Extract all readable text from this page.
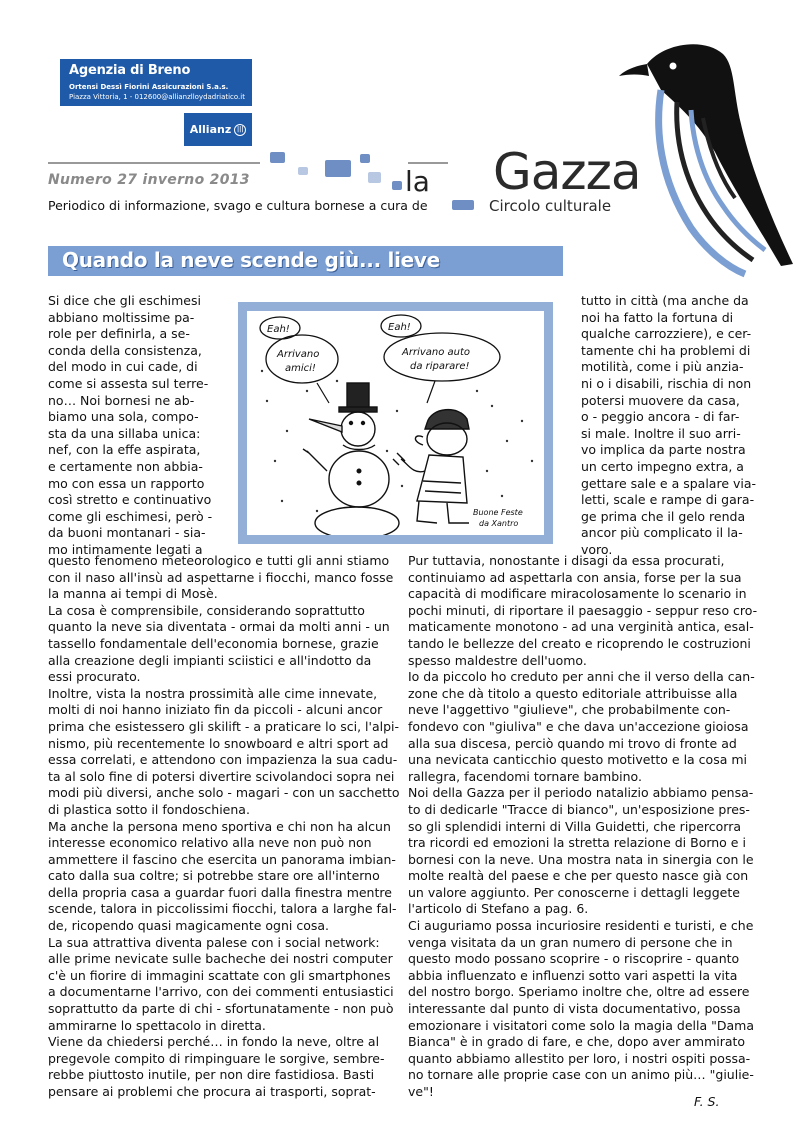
Agenzia di Breno
Ortensi Dessì Fiorini Assicurazioni S.a.s.
Piazza Vittoria, 1 - 012600@allianzlloydadriatico.it
Allianz |||
Numero 27 inverno 2013
Periodico di informazione, svago e cultura bornese a cura de
la Gazza
Circolo culturale
Quando la neve scende giù... lieve
Eah!
Arrivano
amici!
Eah!
Arrivano auto
da riparare!
Buone Feste
da Xantro
Si dice che gli eschimesi
abbiano moltissime pa-
role per definirla, a se-
conda della consistenza,
del modo in cui cade, di
come si assesta sul terre-
no… Noi bornesi ne ab-
biamo una sola, compo-
sta da una sillaba unica:
nef, con la effe aspirata,
e certamente non abbia-
mo con essa un rapporto
così stretto e continuativo
come gli eschimesi, però -
da buoni montanari - sia-
mo intimamente legati a
tutto in città (ma anche da
noi ha fatto la fortuna di
qualche carrozziere), e cer-
tamente chi ha problemi di
motilità, come i più anzia-
ni o i disabili, rischia di non
potersi muovere da casa,
o - peggio ancora - di far-
si male. Inoltre il suo arri-
vo implica da parte nostra
un certo impegno extra, a
gettare sale e a spalare via-
letti, scale e rampe di gara-
ge prima che il gelo renda
ancor più complicato il la-
voro.
questo fenomeno meteorologico e tutti gli anni stiamo
con il naso all'insù ad aspettarne i fiocchi, manco fosse
la manna ai tempi di Mosè.
La cosa è comprensibile, considerando soprattutto
quanto la neve sia diventata - ormai da molti anni - un
tassello fondamentale dell'economia bornese, grazie
alla creazione degli impianti sciistici e all'indotto da
essi procurato.
Inoltre, vista la nostra prossimità alle cime innevate,
molti di noi hanno iniziato fin da piccoli - alcuni ancor
prima che esistessero gli skilift - a praticare lo sci, l'alpi-
nismo, più recentemente lo snowboard e altri sport ad
essa correlati, e attendono con impazienza la sua cadu-
ta al solo fine di potersi divertire scivolandoci sopra nei
modi più diversi, anche solo - magari - con un sacchetto
di plastica sotto il fondoschiena.
Ma anche la persona meno sportiva e chi non ha alcun
interesse economico relativo alla neve non può non
ammettere il fascino che esercita un panorama imbian-
cato dalla sua coltre; si potrebbe stare ore all'interno
della propria casa a guardar fuori dalla finestra mentre
scende, talora in piccolissimi fiocchi, talora a larghe fal-
de, ricopendo quasi magicamente ogni cosa.
La sua attrattiva diventa palese con i social network:
alle prime nevicate sulle bacheche dei nostri computer
c'è un fiorire di immagini scattate con gli smartphones
a documentarne l'arrivo, con dei commenti entusiastici
soprattutto da parte di chi - sfortunatamente - non può
ammirarne lo spettacolo in diretta.
Viene da chiedersi perché… in fondo la neve, oltre al
pregevole compito di rimpinguare le sorgive, sembre-
rebbe piuttosto inutile, per non dire fastidiosa. Basti
pensare ai problemi che procura ai trasporti, soprat-
Pur tuttavia, nonostante i disagi da essa procurati,
continuiamo ad aspettarla con ansia, forse per la sua
capacità di modificare miracolosamente lo scenario in
pochi minuti, di riportare il paesaggio - seppur reso cro-
maticamente monotono - ad una verginità antica, esal-
tando le bellezze del creato e ricoprendo le costruzioni
spesso maldestre dell'uomo.
Io da piccolo ho creduto per anni che il verso della can-
zone che dà titolo a questo editoriale attribuisse alla
neve l'aggettivo "giulieve", che probabilmente con-
fondevo con "giuliva" e che dava un'accezione gioiosa
alla sua discesa, perciò quando mi trovo di fronte ad
una nevicata canticchio questo motivetto e la cosa mi
rallegra, facendomi tornare bambino.
Noi della Gazza per il periodo natalizio abbiamo pensa-
to di dedicarle "Tracce di bianco", un'esposizione pres-
so gli splendidi interni di Villa Guidetti, che ripercorra
tra ricordi ed emozioni la stretta relazione di Borno e i
bornesi con la neve. Una mostra nata in sinergia con le
molte realtà del paese e che per questo nasce già con
un valore aggiunto. Per conoscerne i dettagli leggete
l'articolo di Stefano a pag. 6.
Ci auguriamo possa incuriosire residenti e turisti, e che
venga visitata da un gran numero di persone che in
questo modo possano scoprire - o riscoprire - quanto
abbia influenzato e influenzi sotto vari aspetti la vita
del nostro borgo. Speriamo inoltre che, oltre ad essere
interessante dal punto di vista documentativo, possa
emozionare i visitatori come solo la magia della "Dama
Bianca" è in grado di fare, e che, dopo aver ammirato
quanto abbiamo allestito per loro, i nostri ospiti possa-
no tornare alle proprie case con un animo più… "giulie-
ve"!
F. S.
